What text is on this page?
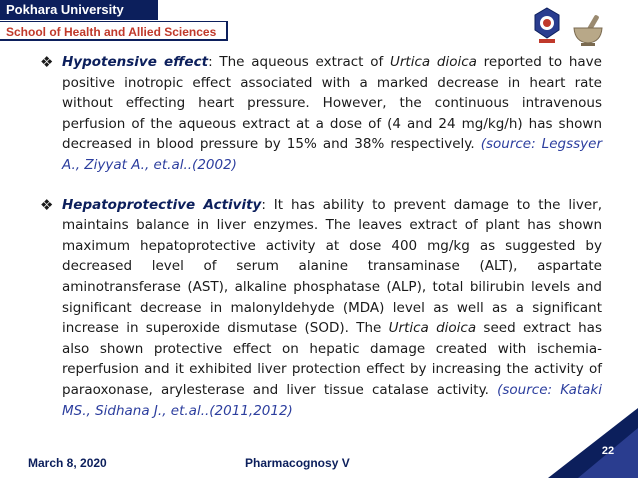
Pokhara University
School of Health and Allied Sciences

❖ Hypotensive effect: The aqueous extract of Urtica dioica reported to have positive inotropic effect associated with a marked decrease in heart rate without effecting heart pressure. However, the continuous intravenous perfusion of the aqueous extract at a dose of (4 and 24 mg/kg/h) has shown decreased in blood pressure by 15% and 38% respectively. (source: Legssyer A., Ziyyat A., et.al..(2002)

❖ Hepatoprotective Activity: It has ability to prevent damage to the liver, maintains balance in liver enzymes. The leaves extract of plant has shown maximum hepatoprotective activity at dose 400 mg/kg as suggested by decreased level of serum alanine transaminase (ALT), aspartate aminotransferase (AST), alkaline phosphatase (ALP), total bilirubin levels and significant decrease in malonyldehyde (MDA) level as well as a significant increase in superoxide dismutase (SOD). The Urtica dioica seed extract has also shown protective effect on hepatic damage created with ischemia-reperfusion and it exhibited liver protection effect by increasing the activity of paraoxonase, arylesterase and liver tissue catalase activity. (source: Kataki MS., Sidhana J., et.al..(2011,2012)

March 8, 2020	Pharmacognosy V
22
